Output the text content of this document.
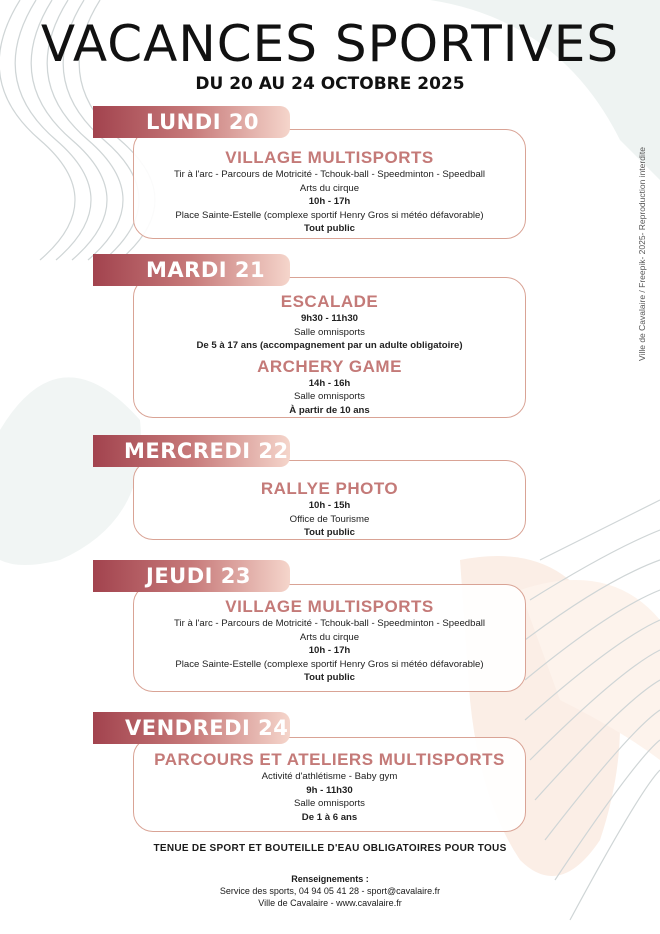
VACANCES SPORTIVES
DU 20 AU 24 OCTOBRE 2025
VILLAGE MULTISPORTS
Tir à l'arc - Parcours de Motricité - Tchouk-ball - Speedminton - Speedball
Arts du cirque
10h - 17h
Place Sainte-Estelle (complexe sportif Henry Gros si météo défavorable)
Tout public
LUNDI 20
ESCALADE
9h30 - 11h30
Salle omnisports
De 5 à 17 ans (accompagnement par un adulte obligatoire)
ARCHERY GAME
14h - 16h
Salle omnisports
À partir de 10 ans
MARDI 21
RALLYE PHOTO
10h - 15h
Office de Tourisme
Tout public
MERCREDI 22
VILLAGE MULTISPORTS
Tir à l'arc - Parcours de Motricité - Tchouk-ball - Speedminton - Speedball
Arts du cirque
10h - 17h
Place Sainte-Estelle (complexe sportif Henry Gros si météo défavorable)
Tout public
JEUDI 23
PARCOURS ET ATELIERS MULTISPORTS
Activité d'athlétisme - Baby gym
9h - 11h30
Salle omnisports
De 1 à 6 ans
VENDREDI 24
TENUE DE SPORT ET BOUTEILLE D'EAU OBLIGATOIRES POUR TOUS
Renseignements :
Service des sports, 04 94 05 41 28 - sport@cavalaire.fr
Ville de Cavalaire - www.cavalaire.fr
Ville de Cavalaire / Freepik- 2025- Reproduction interdite
